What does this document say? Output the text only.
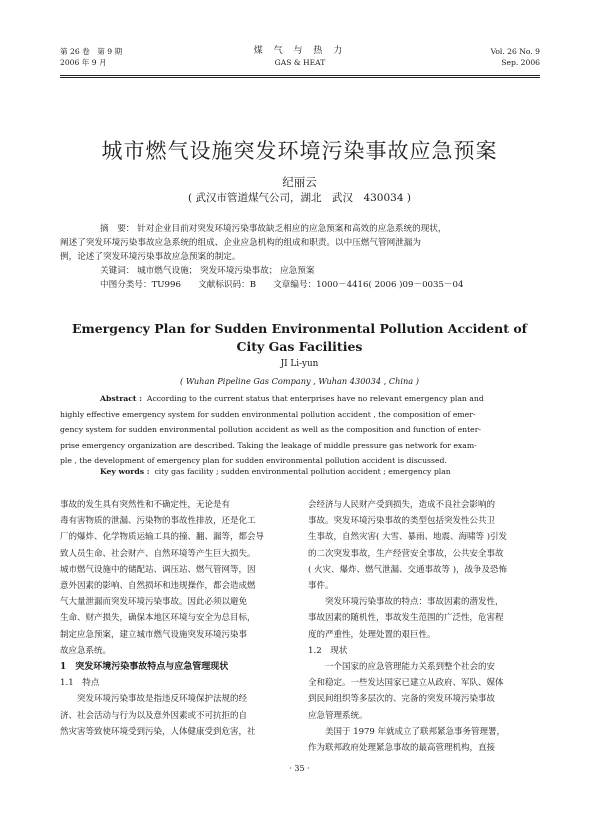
第 26 卷　第 9 期
2006 年 9 月
煤 气 与 热 力
GAS & HEAT
Vol. 26 No. 9
Sep. 2006
城市燃气设施突发环境污染事故应急预案
纪丽云
( 武汉市管道煤气公司，湖北　武汉　430034 )

摘　要： 针对企业目前对突发环境污染事故缺乏相应的应急预案和高效的应急系统的现状，

阐述了突发环境污染事故应急系统的组成、企业应急机构的组成和职责。以中压燃气管网泄漏为

例，论述了突发环境污染事故应急预案的制定。

关键词： 城市燃气设施； 突发环境污染事故； 应急预案

中图分类号：TU996　　文献标识码：B　　文章编号：1000－4416( 2006 )09－0035－04

Emergency Plan for Sudden Environmental Pollution Accident of
City Gas Facilities
JI Li-yun
( Wuhan Pipeline Gas Company , Wuhan 430034 , China )

Abstract : According to the current status that enterprises have no relevant emergency plan and

highly effective emergency system for sudden environmental pollution accident , the composition of emer-

gency system for sudden environmental pollution accident as well as the composition and function of enter-

prise emergency organization are described. Taking the leakage of middle pressure gas network for exam-

ple , the development of emergency plan for sudden environmental pollution accident is discussed.

Key words : city gas facility ; sudden environmental pollution accident ; emergency plan

事故的发生具有突然性和不确定性，无论是有

毒有害物质的泄漏、污染物的事故性排放，还是化工

厂的爆炸、化学物质运输工具的撞、翻、漏等，都会导

致人员生命、社会财产、自然环境等产生巨大损失。

城市燃气设施中的储配站、调压站、燃气管网等，因

意外因素的影响、自然损坏和违规操作，都会造成燃

气大量泄漏而突发环境污染事故。因此必须以避免

生命、财产损失，确保本地区环境与安全为总目标，

制定应急预案，建立城市燃气设施突发环境污染事

故应急系统。

1　突发环境污染事故特点与应急管理现状

1.1　特点

突发环境污染事故是指违反环境保护法规的经

济、社会活动与行为以及意外因素或不可抗拒的自

然灾害等致使环境受到污染，人体健康受到危害，社

会经济与人民财产受到损失，造成不良社会影响的

事故。突发环境污染事故的类型包括突发性公共卫

生事故，自然灾害( 大雪、暴雨、地震、海啸等 )引发

的二次突发事故，生产经营安全事故，公共安全事故

( 火灾、爆炸、燃气泄漏、交通事故等 )，战争及恐怖

事件。

突发环境污染事故的特点：事故因素的潜发性，

事故因素的随机性，事故发生范围的广泛性，危害程

度的严重性，处理处置的艰巨性。

1.2　现状

一个国家的应急管理能力关系到整个社会的安

全和稳定。一些发达国家已建立从政府、军队、媒体

到民间组织等多层次的、完备的突发环境污染事故

应急管理系统。

美国于 1979 年就成立了联邦紧急事务管理署，

作为联邦政府处理紧急事故的最高管理机构，直接

· 35 ·
